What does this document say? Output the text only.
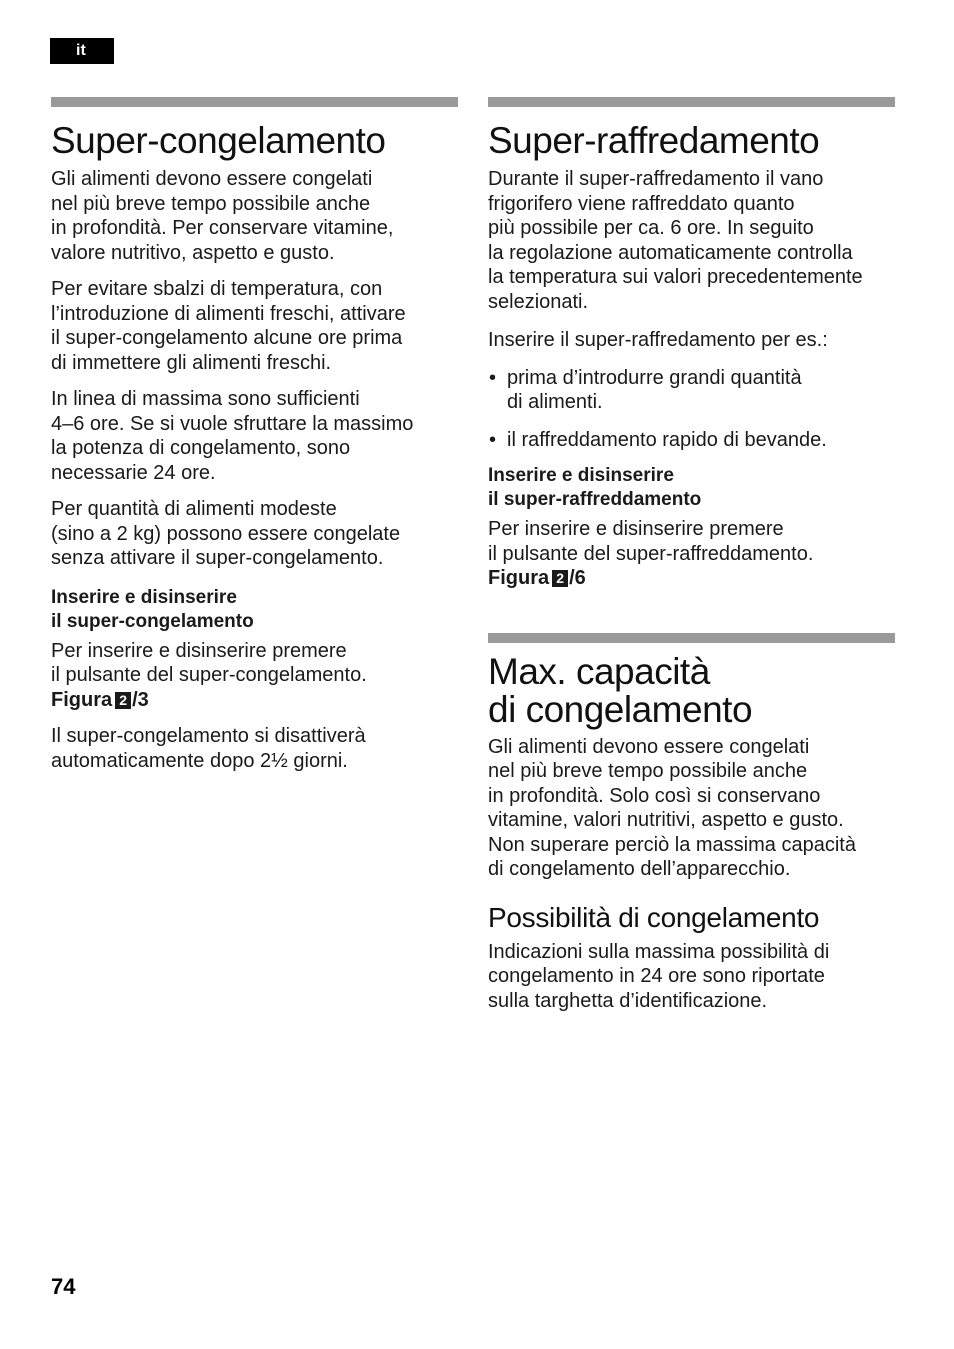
it
Super-congelamento

Gli alimenti devono essere congelati
nel più breve tempo possibile anche
in profondità. Per conservare vitamine,
valore nutritivo, aspetto e gusto.

Per evitare sbalzi di temperatura, con
l’introduzione di alimenti freschi, attivare
il super-congelamento alcune ore prima
di immettere gli alimenti freschi.

In linea di massima sono sufficienti
4–6 ore. Se si vuole sfruttare la massimo
la potenza di congelamento, sono
necessarie 24 ore.

Per quantità di alimenti modeste
(sino a 2 kg) possono essere congelate
senza attivare il super-congelamento.

Inserire e disinserire
il super-congelamento

Per inserire e disinserire premere
il pulsante del super-congelamento.
Figura 2 /3

Il super-congelamento si disattiverà
automaticamente dopo 2½ giorni.

Super-raffredamento

Durante il super-raffredamento il vano
frigorifero viene raffreddato quanto
più possibile per ca. 6 ore. In seguito
la regolazione automaticamente controlla
la temperatura sui valori precedentemente
selezionati.

Inserire il super-raffredamento per es.:

• prima d’introdurre grandi quantità
di alimenti.
• il raffreddamento rapido di bevande.
Inserire e disinserire
il super-raffreddamento

Per inserire e disinserire premere
il pulsante del super-raffreddamento.
Figura 2 /6

Max. capacità
di congelamento

Gli alimenti devono essere congelati
nel più breve tempo possibile anche
in profondità. Solo così si conservano
vitamine, valori nutritivi, aspetto e gusto.
Non superare perciò la massima capacità
di congelamento dell’apparecchio.

Possibilità di congelamento

Indicazioni sulla massima possibilità di
congelamento in 24 ore sono riportate
sulla targhetta d’identificazione.

74
